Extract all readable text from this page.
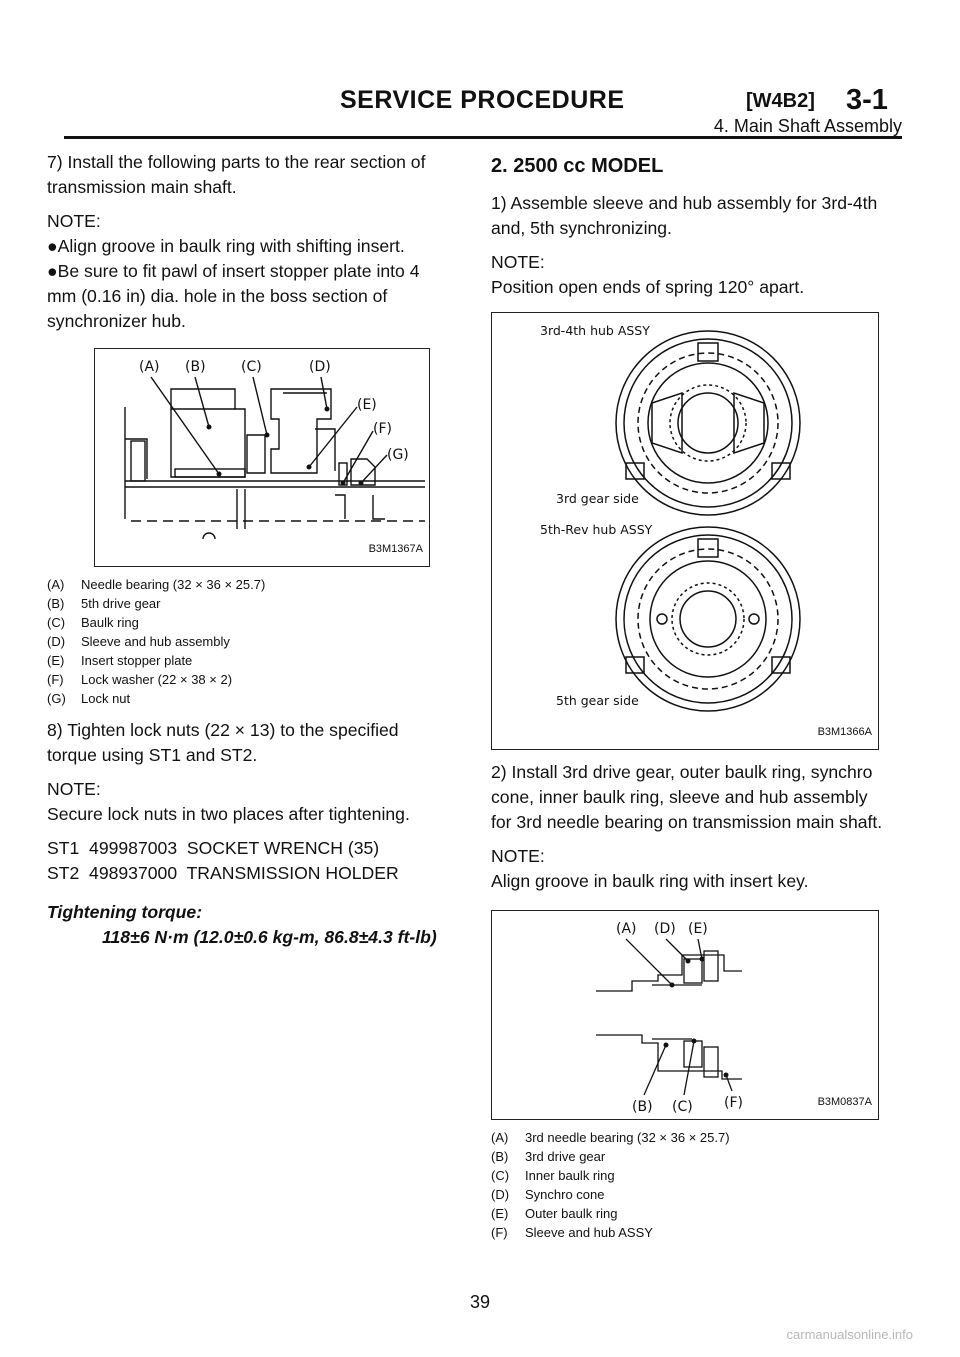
SERVICE PROCEDURE	[W4B2] 3-1
4. Main Shaft Assembly

7) Install the following parts to the rear section of transmission main shaft.

NOTE:

●Align groove in baulk ring with shifting insert.

●Be sure to fit pawl of insert stopper plate into 4 mm (0.16 in) dia. hole in the boss section of synchronizer hub.

(A) (B)	(C)	(D)
(E)
(F)
(G)
B3M1367A
(A)	Needle bearing (32 × 36 × 25.7)
(B)	5th drive gear
(C)	Baulk ring
(D)	Sleeve and hub assembly
(E)	Insert stopper plate
(F)	Lock washer (22 × 38 × 2)
(G)	Lock nut

8) Tighten lock nuts (22 × 13) to the specified torque using ST1 and ST2.

NOTE:

Secure lock nuts in two places after tightening.

ST1  499987003  SOCKET WRENCH (35)

ST2  498937000  TRANSMISSION HOLDER

Tightening torque:

118±6 N·m (12.0±0.6 kg-m, 86.8±4.3 ft-lb)

2. 2500 cc MODEL

1) Assemble sleeve and hub assembly for 3rd-4th and, 5th synchronizing.

NOTE:

Position open ends of spring 120° apart.

3rd-4th hub ASSY
3rd gear side
5th-Rev hub ASSY
5th gear side
B3M1366A

2) Install 3rd drive gear, outer baulk ring, synchro cone, inner baulk ring, sleeve and hub assembly for 3rd needle bearing on transmission main shaft.

NOTE:

Align groove in baulk ring with insert key.

(A) (D) (E)
(B) (C) (F)	B3M0837A
(A)	3rd needle bearing (32 × 36 × 25.7)
(B)	3rd drive gear
(C)	Inner baulk ring
(D)	Synchro cone
(E)	Outer baulk ring
(F)	Sleeve and hub ASSY
39
carmanualsonline.info
